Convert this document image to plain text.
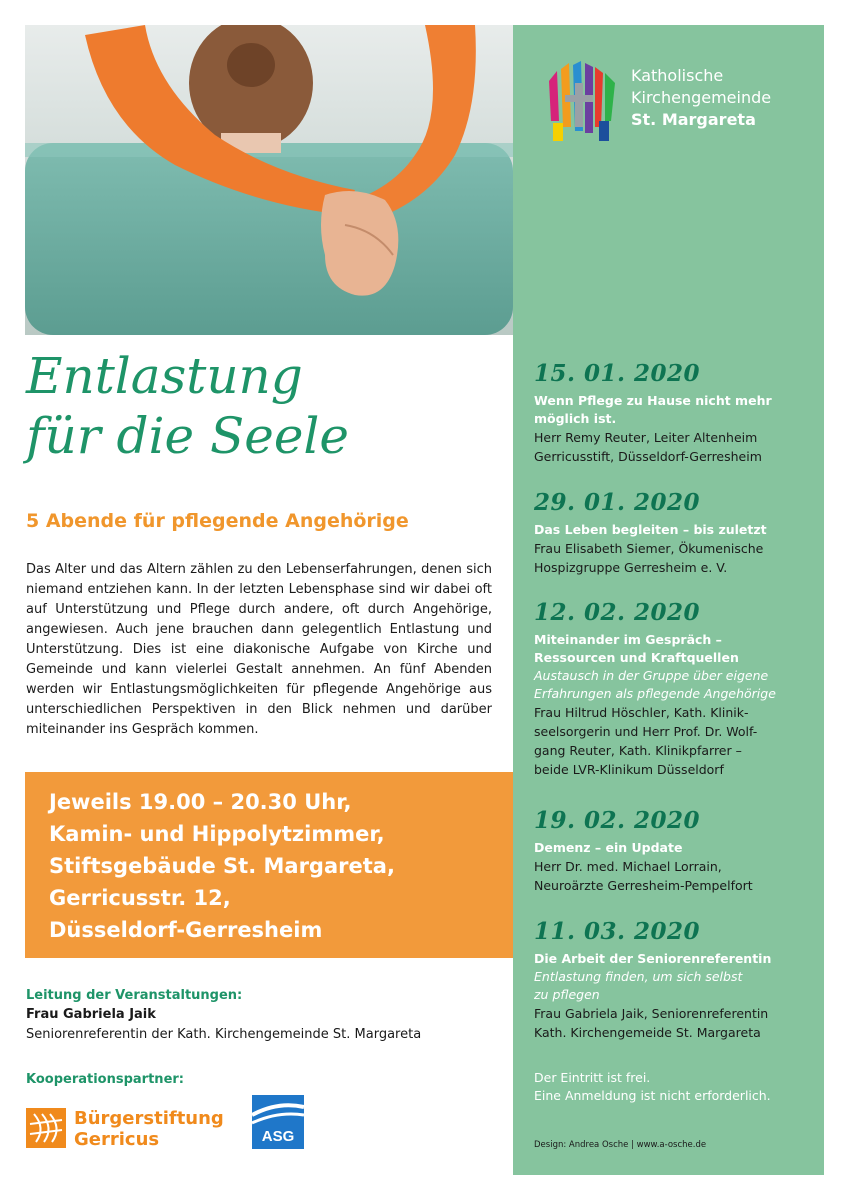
Katholische
Kirchengemeinde
St. Margareta
15. 01. 2020
Wenn Pflege zu Hause nicht mehr
möglich ist.
Herr Remy Reuter, Leiter Altenheim
Gerricusstift, Düsseldorf-Gerresheim
29. 01. 2020
Das Leben begleiten – bis zuletzt
Frau Elisabeth Siemer, Ökumenische
Hospizgruppe Gerresheim e. V.
12. 02. 2020
Miteinander im Gespräch –
Ressourcen und Kraftquellen
Austausch in der Gruppe über eigene
Erfahrungen als pflegende Angehörige
Frau Hiltrud Höschler, Kath. Klinik-
seelsorgerin und Herr Prof. Dr. Wolf-
gang Reuter, Kath. Klinikpfarrer –
beide LVR-Klinikum Düsseldorf
19. 02. 2020
Demenz – ein Update
Herr Dr. med. Michael Lorrain,
Neuroärzte Gerresheim-Pempelfort
11. 03. 2020
Die Arbeit der Seniorenreferentin
Entlastung finden, um sich selbst
zu pflegen
Frau Gabriela Jaik, Seniorenreferentin
Kath. Kirchengemeide St. Margareta
Der Eintritt ist frei.
Eine Anmeldung ist nicht erforderlich.
Design: Andrea Osche | www.a-osche.de
Entlastung
für die Seele
5 Abende für pflegende Angehörige

Das Alter und das Altern zählen zu den Lebenserfahrungen, denen sich niemand entziehen kann. In der letzten Lebensphase sind wir dabei oft auf Unterstützung und Pflege durch andere, oft durch Angehörige, angewiesen. Auch jene brauchen dann gelegentlich Entlastung und Unterstützung. Dies ist eine diakonische Aufgabe von Kirche und Gemeinde und kann vielerlei Gestalt annehmen. An fünf Abenden werden wir Entlastungsmöglichkeiten für pflegende Angehörige aus unterschiedlichen Perspektiven in den Blick nehmen und darüber miteinander ins Gespräch kommen.

Jeweils 19.00 – 20.30 Uhr,
Kamin- und Hippolytzimmer,
Stiftsgebäude St. Margareta,
Gerricusstr. 12,
Düsseldorf-Gerresheim
Leitung der Veranstaltungen:
Frau Gabriela Jaik
Seniorenreferentin der Kath. Kirchengemeinde St. Margareta
Kooperationspartner:
Bürgerstiftung
Gerricus	ASG
